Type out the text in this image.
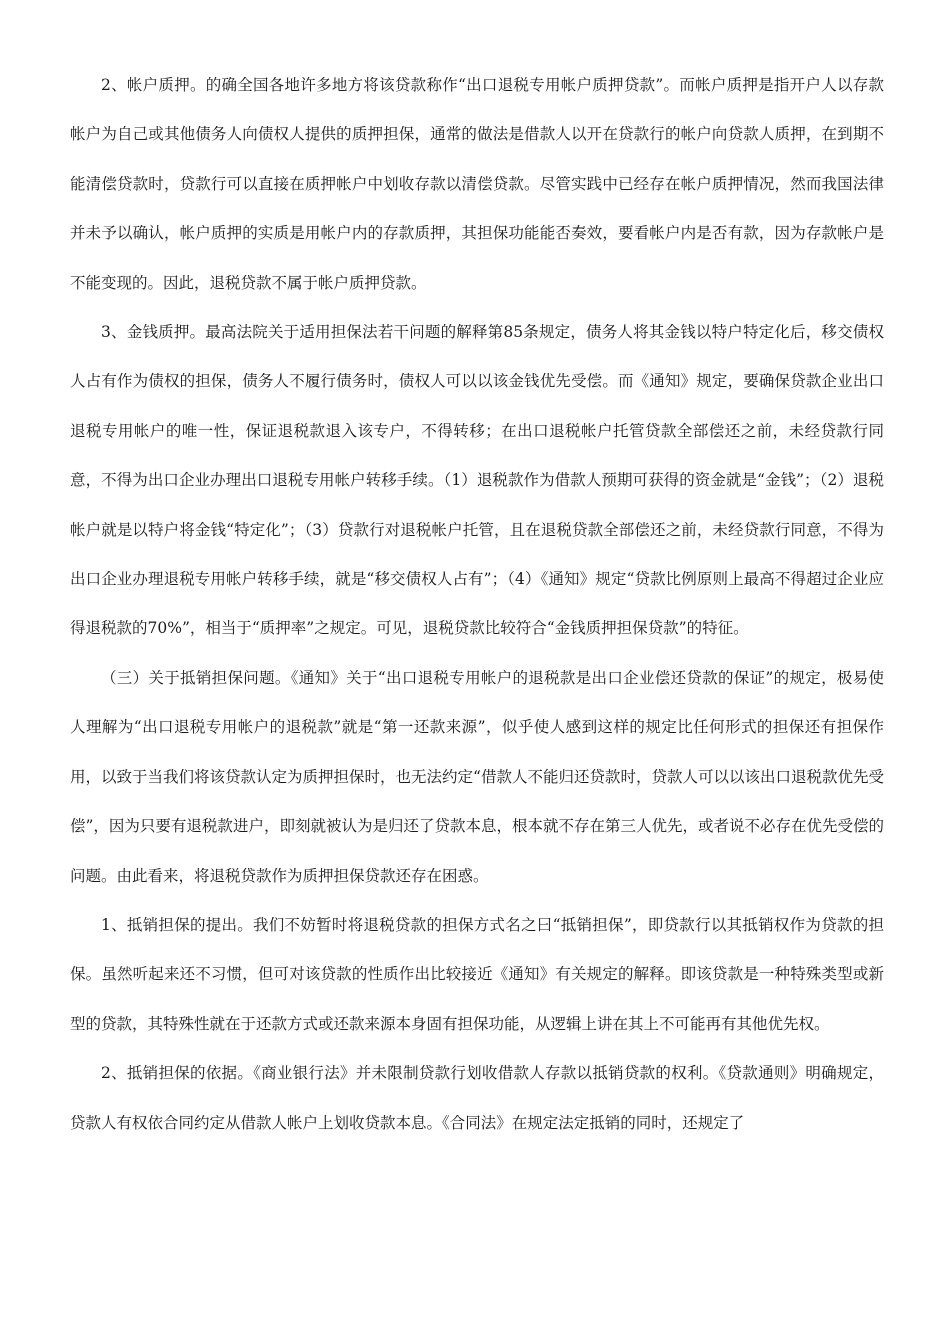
2、帐户质押。的确全国各地许多地方将该贷款称作“出口退税专用帐户质押贷款”。而帐户质押是指开户人以存款帐户为自己或其他债务人向债权人提供的质押担保，通常的做法是借款人以开在贷款行的帐户向贷款人质押，在到期不能清偿贷款时，贷款行可以直接在质押帐户中划收存款以清偿贷款。尽管实践中已经存在帐户质押情况，然而我国法律并未予以确认，帐户质押的实质是用帐户内的存款质押，其担保功能能否奏效，要看帐户内是否有款，因为存款帐户是不能变现的。因此，退税贷款不属于帐户质押贷款。

3、金钱质押。最高法院关于适用担保法若干问题的解释第85条规定，债务人将其金钱以特户特定化后，移交债权人占有作为债权的担保，债务人不履行债务时，债权人可以以该金钱优先受偿。而《通知》规定，要确保贷款企业出口退税专用帐户的唯一性，保证退税款退入该专户，不得转移；在出口退税帐户托管贷款全部偿还之前，未经贷款行同意，不得为出口企业办理出口退税专用帐户转移手续。（1）退税款作为借款人预期可获得的资金就是“金钱”；（2）退税帐户就是以特户将金钱“特定化”；（3）贷款行对退税帐户托管，且在退税贷款全部偿还之前，未经贷款行同意，不得为出口企业办理退税专用帐户转移手续，就是“移交债权人占有”；（4）《通知》规定“贷款比例原则上最高不得超过企业应得退税款的70%”，相当于“质押率”之规定。可见，退税贷款比较符合“金钱质押担保贷款”的特征。

（三）关于抵销担保问题。《通知》关于“出口退税专用帐户的退税款是出口企业偿还贷款的保证”的规定，极易使人理解为“出口退税专用帐户的退税款”就是“第一还款来源”，似乎使人感到这样的规定比任何形式的担保还有担保作用，以致于当我们将该贷款认定为质押担保时，也无法约定“借款人不能归还贷款时，贷款人可以以该出口退税款优先受偿”，因为只要有退税款进户，即刻就被认为是归还了贷款本息，根本就不存在第三人优先，或者说不必存在优先受偿的问题。由此看来，将退税贷款作为质押担保贷款还存在困惑。

1、抵销担保的提出。我们不妨暂时将退税贷款的担保方式名之曰“抵销担保”，即贷款行以其抵销权作为贷款的担保。虽然听起来还不习惯，但可对该贷款的性质作出比较接近《通知》有关规定的解释。即该贷款是一种特殊类型或新型的贷款，其特殊性就在于还款方式或还款来源本身固有担保功能，从逻辑上讲在其上不可能再有其他优先权。

2、抵销担保的依据。《商业银行法》并未限制贷款行划收借款人存款以抵销贷款的权利。《贷款通则》明确规定，贷款人有权依合同约定从借款人帐户上划收贷款本息。《合同法》在规定法定抵销的同时，还规定了
